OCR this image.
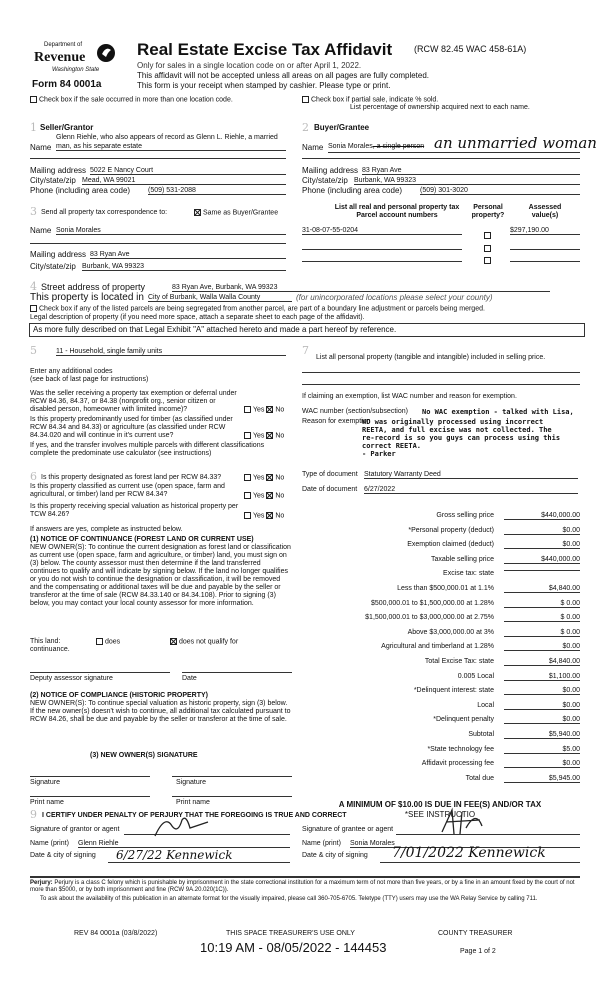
Department of
Revenue
Washington State
Form 84 0001a
Real Estate Excise Tax Affidavit (RCW 82.45 WAC 458-61A)
Only for sales in a single location code on or after April 1, 2022.
This affidavit will not be accepted unless all areas on all pages are fully completed.
This form is your receipt when stamped by cashier. Please type or print.
Check box if the sale occurred in more than one location code.	Check box if partial sale, indicate % sold.
List percentage of ownership acquired next to each name.
1 Seller/Grantor
Glenn Riehle, who also appears of record as Glenn L. Riehle, a married
Name man, as his separate estate
Mailing address 5022 E Nancy Court
City/state/zip Mead, WA 99021
Phone (including area code)	(509) 531-2088
2 Buyer/Grantee
Name Sonia Morales, a single person an unmarried woman
Mailing address 83 Ryan Ave
City/state/zip Burbank, WA 99323
Phone (including area code)	(509) 301-3020
3 Send all property tax correspondence to:	Same as Buyer/Grantee
Name Sonia Morales
Mailing address 83 Ryan Ave
City/state/zip Burbank, WA 99323
List all real and personal property tax
Parcel account numbers
Personal
property?
Assessed
value(s)
31-08-07-55-0204	$297,190.00
4 Street address of property	83 Ryan Ave, Burbank, WA 99323
This property is located in City of Burbank, Walla Walla County	(for unincorporated locations please select your county)
Check box if any of the listed parcels are being segregated from another parcel, are part of a boundary line adjustment or parcels being merged.
Legal description of property (if you need more space, attach a separate sheet to each page of the affidavit).
As more fully described on that Legal Exhibit "A" attached hereto and made a part hereof by reference.
5	11 - Household, single family units
Enter any additional codes
(see back of last page for instructions)
Was the seller receiving a property tax exemption or deferral under RCW 84.36, 84.37, or 84.38 (nonprofit org., senior citizen or disabled person, homeowner with limited income)?	Yes No
Is this property predominantly used for timber (as classified under RCW 84.34 and 84.33) or agriculture (as classified under RCW 84.34.020 and will continue in it's current use?	Yes No
If yes, and the transfer involves multiple parcels with different classifications complete the predominate use calculator (see instructions)
6 Is this property designated as forest land per RCW 84.33?	Yes No
Is this property classified as current use (open space, farm and agricultural, or timber) land per RCW 84.34?	Yes No
Is this property receiving special valuation as historical property per TCW 84.26?	Yes No
If answers are yes, complete as instructed below.
(1) NOTICE OF CONTINUANCE (FOREST LAND OR CURRENT USE)
NEW OWNER(S): To continue the current designation as forest land or classification as current use (open space, farm and agriculture, or timber) land, you must sign on (3) below. The county assessor must then determine if the land transferred continues to qualify and will indicate by signing below. If the land no longer qualifies or you do not wish to continue the designation or classification, it will be removed and the compensating or additional taxes will be due and payable by the seller or transferor at the time of sale (RCW 84.33.140 or 84.34.108). Prior to signing (3) below, you may contact your local county assessor for more information.
This land:
continuance.
does	does not qualify for
Deputy assessor signature	Date
(2) NOTICE OF COMPLIANCE (HISTORIC PROPERTY)
NEW OWNER(S): To continue special valuation as historic property, sign (3) below. If the new owner(s) doesn't wish to continue, all additional tax calculated pursuant to RCW 84.26, shall be due and payable by the seller or transferor at the time of sale.
(3) NEW OWNER(S) SIGNATURE
Signature	Signature
Print name	Print name
7
List all personal property (tangible and intangible) included in selling price.
If claiming an exemption, list WAC number and reason for exemption.
WAC number (section/subsection) No WAC exemption - talked with Lisa,
Reason for exemption
WD was originally processed using incorrect
REETA, and full excise was not collected. The
re-record is so you guys can process using this
correct REETA.
- Parker
Type of document Statutory Warranty Deed
Date of document 6/27/2022
Gross selling price	$440,000.00
*Personal property (deduct)	$0.00
Exemption claimed (deduct)	$0.00
Taxable selling price	$440,000.00
Excise tax: state
Less than $500,000.01 at 1.1%	$4,840.00
$500,000.01 to $1,500,000.00 at 1.28%	$ 0.00
$1,500,000.01 to $3,000,000.00 at 2.75%	$ 0.00
Above $3,000,000.00 at 3%	$ 0.00
Agricultural and timberland at 1.28%	$0.00
Total Excise Tax: state	$4,840.00
0.005 Local	$1,100.00
*Delinquent interest: state	$0.00
Local	$0.00
*Delinquent penalty	$0.00
Subtotal	$5,940.00
*State technology fee	$5.00
Affidavit processing fee	$0.00
Total due	$5,945.00
A MINIMUM OF $10.00 IS DUE IN FEE(S) AND/OR TAX
*SEE INSTRUCTIO
9 I CERTIFY UNDER PENALTY OF PERJURY THAT THE FOREGOING IS TRUE AND CORRECT
Signature of grantor or agent	Signature of grantee or agent
Name (print) Glenn Riehle	Name (print) Sonia Morales
Date & city of signing 6/27/22 Kennewick	Date & city of signing 7/01/2022 Kennewick
Perjury: Perjury is a class C felony which is punishable by imprisonment in the state correctional institution for a maximum term of not more than five years, or by a fine in an amount fixed by the court of not more than $5000, or by both imprisonment and fine (RCW 9A.20.020(1C)).
To ask about the availability of this publication in an alternate format for the visually impaired, please call 360-705-6705. Teletype (TTY) users may use the WA Relay Service by calling 711.
REV 84 0001a (03/8/2022)	THIS SPACE TREASURER'S USE ONLY	COUNTY TREASURER
10:19 AM - 08/05/2022 - 144453	Page 1 of 2
